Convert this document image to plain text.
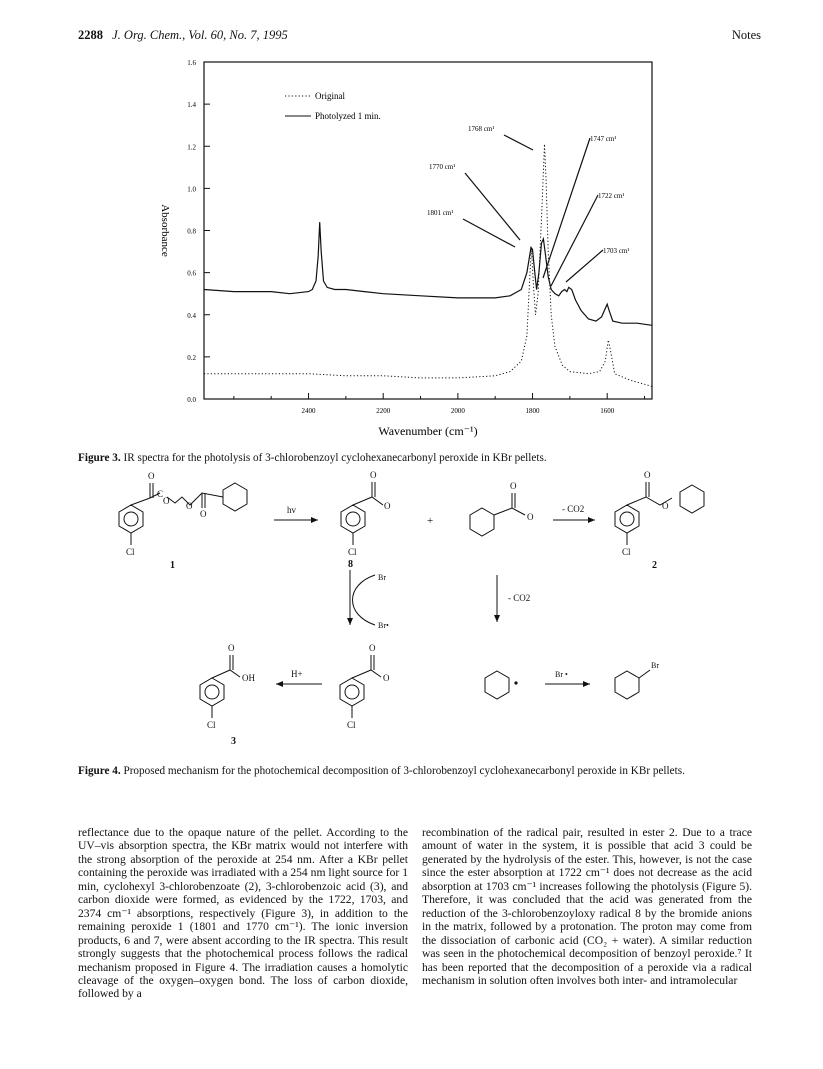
2288 J. Org. Chem., Vol. 60, No. 7, 1995	Notes
0.0
0.2
0.4
0.6
0.8
1.0
1.2
1.4
1.6
2400	2200	2000	1800	1600
Wavenumber (cm⁻¹)
Absorbance
Original
Photolyzed 1 min.
1768 cm¹
1770 cm¹
1801 cm¹
1747 cm¹
1722 cm¹
1703 cm¹
Figure 3. IR spectra for the photolysis of 3-chlorobenzoyl cyclohexanecarbonyl peroxide in KBr pellets.
O
C
O O
O
Cl
1
hv
O
O
Cl
8
+
O
O
- CO2
O
O
Cl
2
Br
Br•
- CO2
O
OH
Cl
3
H+
O
O
Cl
Br •
Br
Figure 4. Proposed mechanism for the photochemical decomposition of 3-chlorobenzoyl cyclohexanecarbonyl peroxide in KBr pellets.
reflectance due to the opaque nature of the pellet. According to the UV–vis absorption spectra, the KBr matrix would not interfere with the strong absorption of the peroxide at 254 nm. After a KBr pellet containing the peroxide was irradiated with a 254 nm light source for 1 min, cyclohexyl 3-chlorobenzoate (2), 3-chlorobenzoic acid (3), and carbon dioxide were formed, as evidenced by the 1722, 1703, and 2374 cm⁻¹ absorptions, respectively (Figure 3), in addition to the remaining peroxide 1 (1801 and 1770 cm⁻¹). The ionic inversion products, 6 and 7, were absent according to the IR spectra. This result strongly suggests that the photochemical process follows the radical mechanism proposed in Figure 4. The irradiation causes a homolytic cleavage of the oxygen–oxygen bond. The loss of carbon dioxide, followed by a
recombination of the radical pair, resulted in ester 2. Due to a trace amount of water in the system, it is possible that acid 3 could be generated by the hydrolysis of the ester. This, however, is not the case since the ester absorption at 1722 cm⁻¹ does not decrease as the acid absorption at 1703 cm⁻¹ increases following the photolysis (Figure 5). Therefore, it was concluded that the acid was generated from the reduction of the 3-chlorobenzoyloxy radical 8 by the bromide anions in the matrix, followed by a protonation. The proton may come from the dissociation of carbonic acid (CO₂ + water). A similar reduction was seen in the photochemical decomposition of benzoyl peroxide.⁷ It has been reported that the decomposition of a peroxide via a radical mechanism in solution often involves both inter- and intramolecular
